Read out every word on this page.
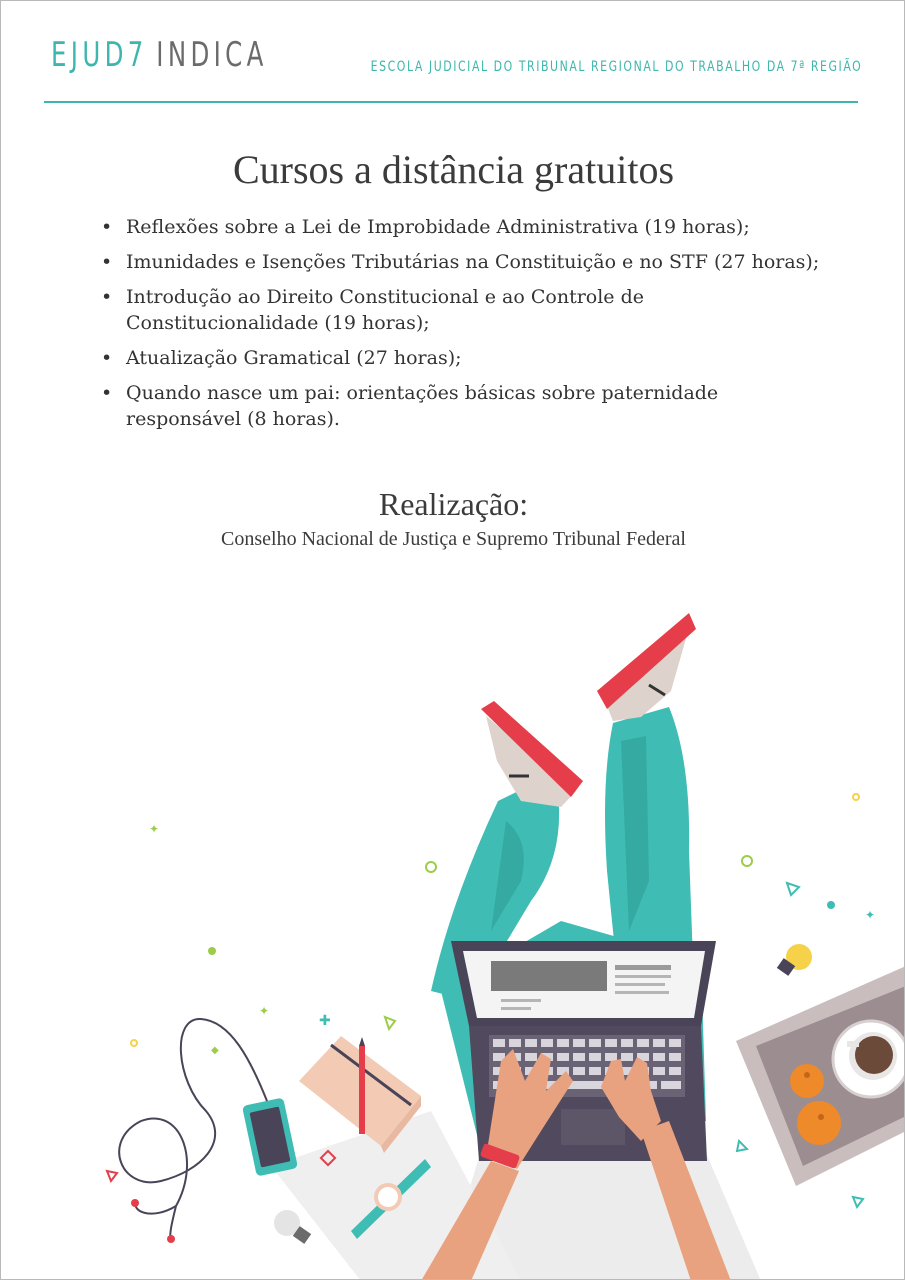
EJUD7 INDICA	ESCOLA JUDICIAL DO TRIBUNAL REGIONAL DO TRABALHO DA 7ª REGIÃO
Cursos a distância gratuitos
• Reflexões sobre a Lei de Improbidade Administrativa (19 horas);
• Imunidades e Isenções Tributárias na Constituição e no STF (27 horas);
• Introdução ao Direito Constitucional e ao Controle de Constitucionalidade (19 horas);
• Atualização Gramatical (27 horas);
• Quando nasce um pai: orientações básicas sobre paternidade responsável (8 horas).
Realização:
Conselho Nacional de Justiça e Supremo Tribunal Federal
✦
✦
✦
✚
◆
